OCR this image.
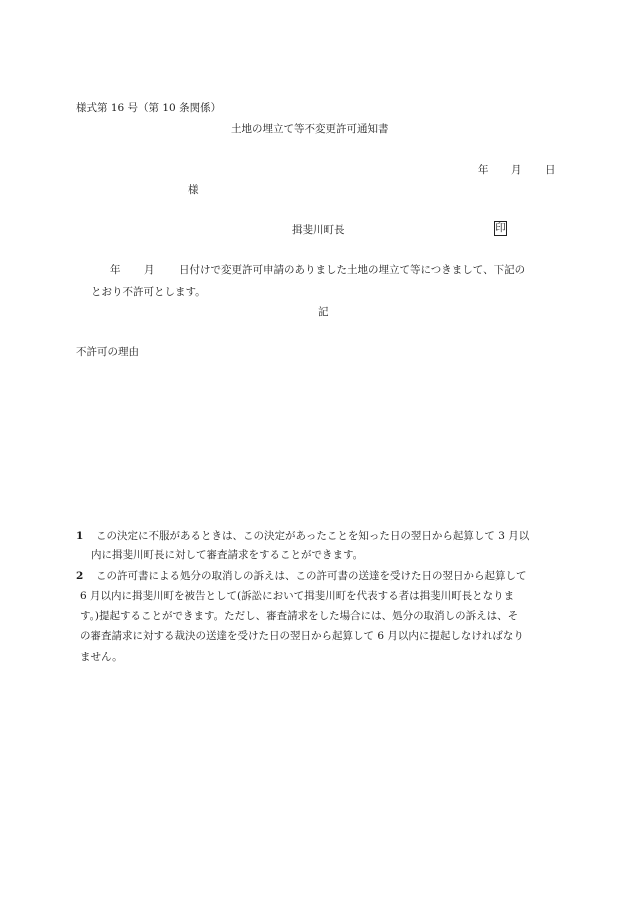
様式第 16 号（第 10 条関係）
土地の埋立て等不変更許可通知書
年 月 日
様
揖斐川町長	印
年 月 日付けで変更許可申請のありました土地の埋立て等につきまして、下記の
とおり不許可とします。
記
不許可の理由
1 この決定に不服があるときは、この決定があったことを知った日の翌日から起算して 3 月以
内に揖斐川町長に対して審査請求をすることができます。
2 この許可書による処分の取消しの訴えは、この許可書の送達を受けた日の翌日から起算して
6 月以内に揖斐川町を被告として(訴訟において揖斐川町を代表する者は揖斐川町長となりま
す。)提起することができます。ただし、審査請求をした場合には、処分の取消しの訴えは、そ
の審査請求に対する裁決の送達を受けた日の翌日から起算して 6 月以内に提起しなければなり
ません。
